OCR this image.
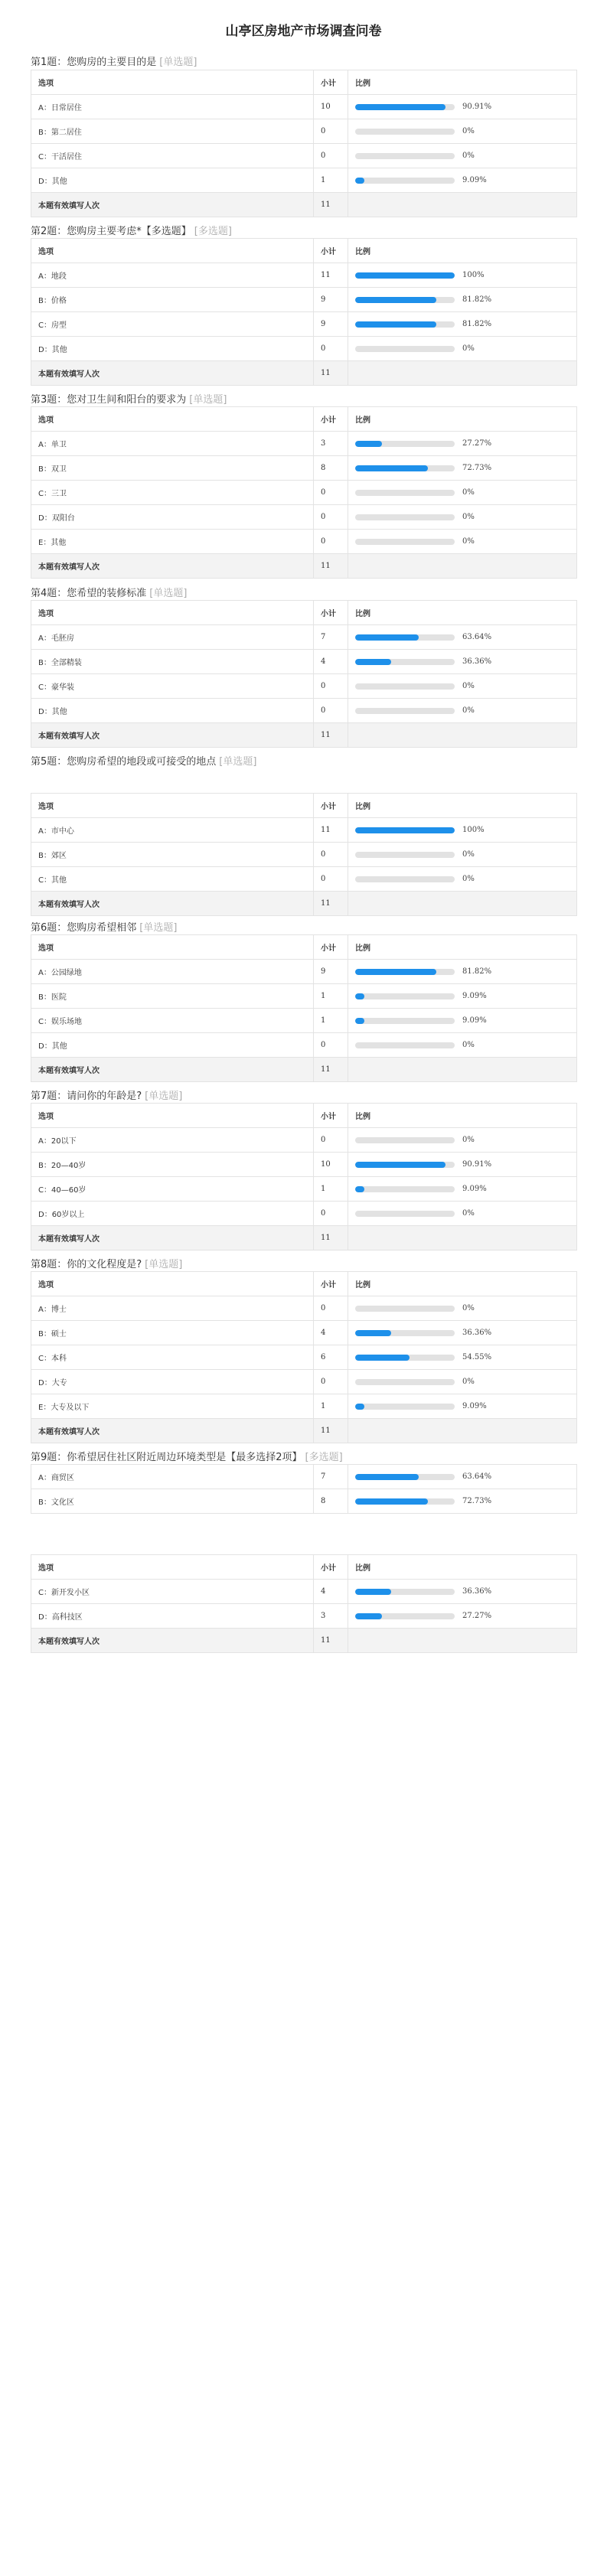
山亭区房地产市场调查问卷
第1题：您购房的主要目的是 [单选题]
选项	小计	比例
A：日常居住	10	90.91%

B：第二居住	0	0%

C：干活居住	0	0%

D：其他	1	9.09%

本题有效填写人次	11	
第2题：您购房主要考虑*【多选题】 [多选题]
选项	小计	比例
A：地段	11	100%

B：价格	9	81.82%

C：房型	9	81.82%

D：其他	0	0%

本题有效填写人次	11	
第3题：您对卫生间和阳台的要求为 [单选题]
选项	小计	比例
A：单卫	3	27.27%

B：双卫	8	72.73%

C：三卫	0	0%

D：双阳台	0	0%

E：其他	0	0%

本题有效填写人次	11	
第4题：您希望的装修标准 [单选题]
选项	小计	比例
A：毛胚房	7	63.64%

B：全部精装	4	36.36%

C：豪华装	0	0%

D：其他	0	0%

本题有效填写人次	11	
第5题：您购房希望的地段或可接受的地点 [单选题]
选项	小计	比例
A：市中心	11	100%

B：郊区	0	0%

C：其他	0	0%

本题有效填写人次	11	
第6题：您购房希望相邻 [单选题]
选项	小计	比例
A：公园绿地	9	81.82%

B：医院	1	9.09%

C：娱乐场地	1	9.09%

D：其他	0	0%

本题有效填写人次	11	
第7题：请问你的年龄是? [单选题]
选项	小计	比例
A：20以下	0	0%

B：20—40岁	10	90.91%

C：40—60岁	1	9.09%

D：60岁以上	0	0%

本题有效填写人次	11	
第8题：你的文化程度是? [单选题]
选项	小计	比例
A：博士	0	0%

B：硕士	4	36.36%

C：本科	6	54.55%

D：大专	0	0%

E：大专及以下	1	9.09%

本题有效填写人次	11	
第9题：你希望居住社区附近周边环境类型是【最多选择2项】 [多选题]
A：商贸区	7	63.64%

B：文化区	8	72.73%
选项	小计	比例
C：新开发小区	4	36.36%

D：高科技区	3	27.27%

本题有效填写人次	11	
